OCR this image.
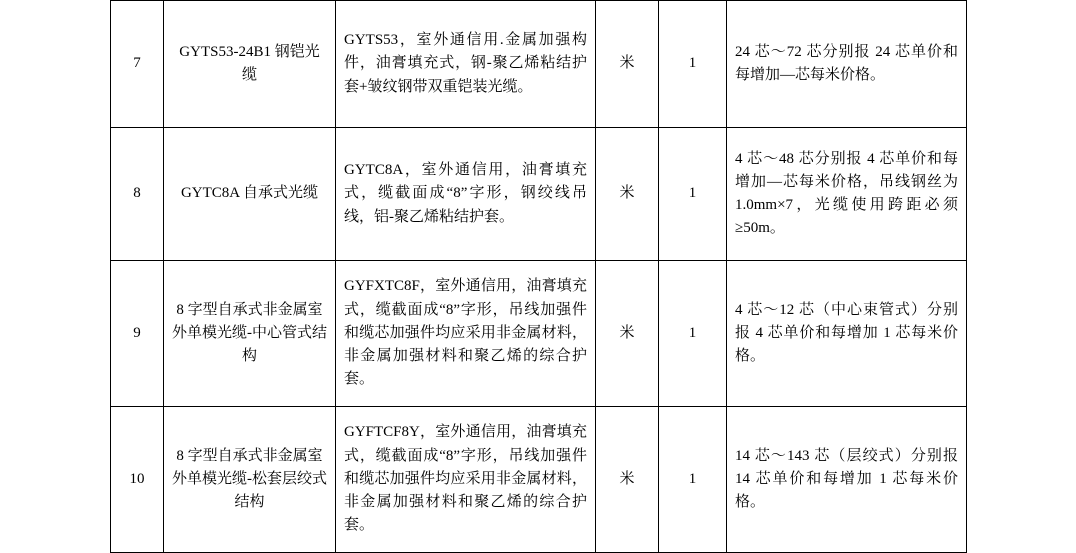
7	GYTS53-24B1 钢铠光缆	GYTS53，室外通信用.金属加强构件，油膏填充式，钢-聚乙烯粘结护套+皱纹钢带双重铠装光缆。	米	1	24 芯～72 芯分别报 24 芯单价和每增加—芯每米价格。
8	GYTC8A 自承式光缆	GYTC8A，室外通信用，油膏填充式，缆截面成“8”字形，钢绞线吊线，铝-聚乙烯粘结护套。	米	1	4 芯～48 芯分别报 4 芯单价和每增加—芯每米价格，吊线钢丝为 1.0mm×7，光缆使用跨距必须≥50m。
9	8 字型自承式非金属室外单模光缆-中心管式结构	GYFXTC8F，室外通信用，油膏填充式，缆截面成“8”字形，吊线加强件和缆芯加强件均应采用非金属材料，非金属加强材料和聚乙烯的综合护套。	米	1	4 芯～12 芯（中心束管式）分别报 4 芯单价和每增加 1 芯每米价格。
10	8 字型自承式非金属室外单模光缆-松套层绞式结构	GYFTCF8Y，室外通信用，油膏填充式，缆截面成“8”字形，吊线加强件和缆芯加强件均应采用非金属材料，非金属加强材料和聚乙烯的综合护套。	米	1	14 芯～143 芯（层绞式）分别报 14 芯单价和每增加 1 芯每米价格。
